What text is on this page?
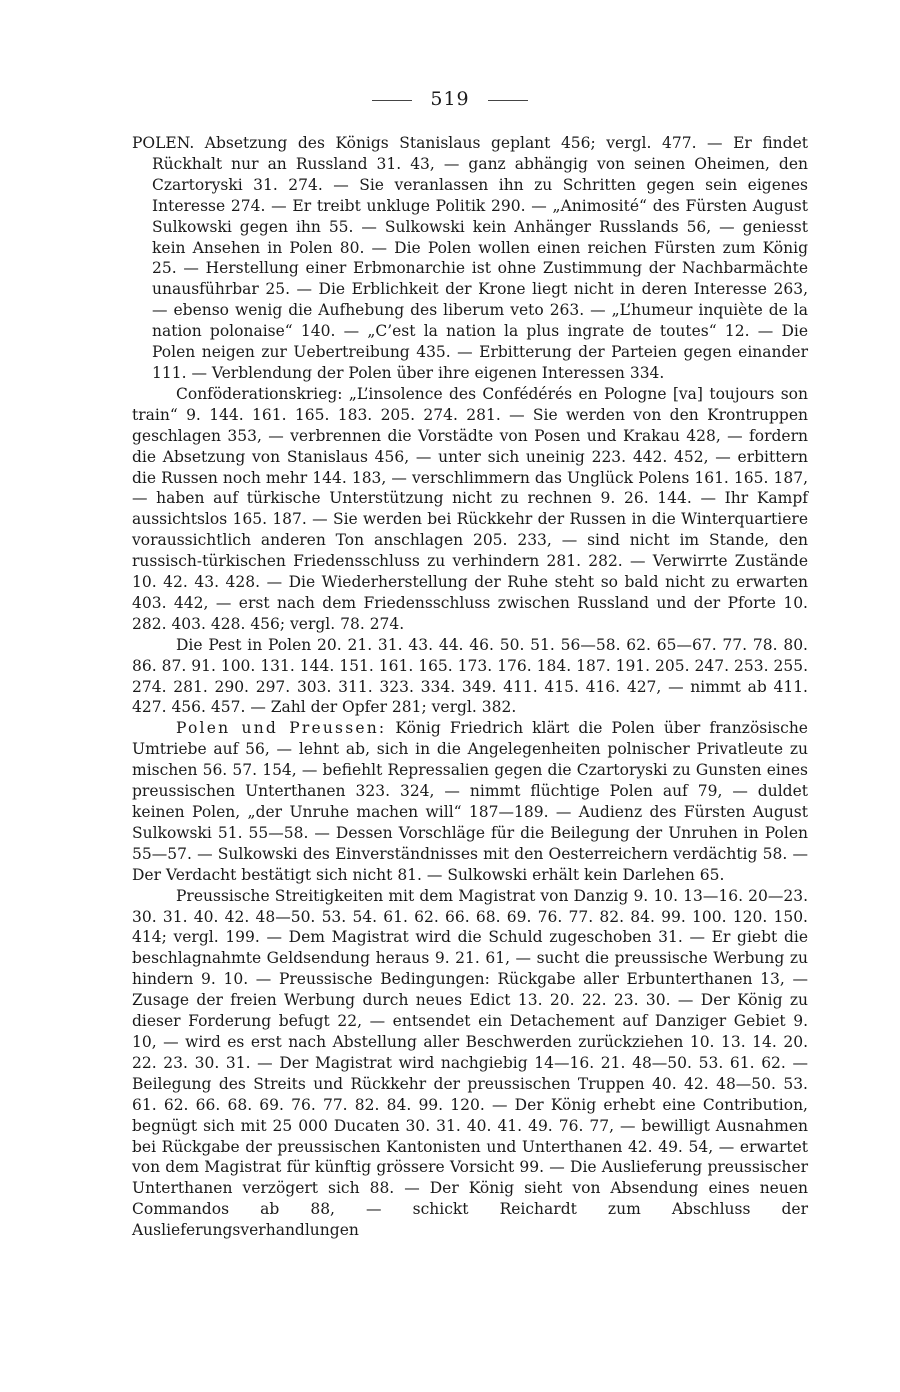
519

POLEN. Absetzung des Königs Stanislaus geplant 456; vergl. 477. — Er findet Rückhalt nur an Russland 31. 43, — ganz abhängig von seinen Oheimen, den Czartoryski 31. 274. — Sie veranlassen ihn zu Schritten gegen sein eigenes Interesse 274. — Er treibt unkluge Politik 290. — „Animosité“ des Fürsten August Sulkowski gegen ihn 55. — Sulkowski kein Anhänger Russlands 56, — geniesst kein Ansehen in Polen 80. — Die Polen wollen einen reichen Fürsten zum König 25. — Herstellung einer Erbmonarchie ist ohne Zustimmung der Nachbarmächte unausführbar 25. — Die Erblichkeit der Krone liegt nicht in deren Interesse 263, — ebenso wenig die Aufhebung des liberum veto 263. — „L’humeur inquiète de la nation polonaise“ 140. — „C’est la nation la plus ingrate de toutes“ 12. — Die Polen neigen zur Uebertreibung 435. — Erbitterung der Parteien gegen einander 111. — Verblendung der Polen über ihre eigenen Interessen 334.

Conföderationskrieg: „L’insolence des Confédérés en Pologne [va] toujours son train“ 9. 144. 161. 165. 183. 205. 274. 281. — Sie werden von den Krontruppen geschlagen 353, — verbrennen die Vorstädte von Posen und Krakau 428, — fordern die Absetzung von Stanislaus 456, — unter sich uneinig 223. 442. 452, — erbittern die Russen noch mehr 144. 183, — verschlimmern das Unglück Polens 161. 165. 187, — haben auf türkische Unterstützung nicht zu rechnen 9. 26. 144. — Ihr Kampf aussichtslos 165. 187. — Sie werden bei Rückkehr der Russen in die Winterquartiere voraussichtlich anderen Ton anschlagen 205. 233, — sind nicht im Stande, den russisch-türkischen Friedensschluss zu verhindern 281. 282. — Verwirrte Zustände 10. 42. 43. 428. — Die Wiederherstellung der Ruhe steht so bald nicht zu erwarten 403. 442, — erst nach dem Friedensschluss zwischen Russland und der Pforte 10. 282. 403. 428. 456; vergl. 78. 274.

Die Pest in Polen 20. 21. 31. 43. 44. 46. 50. 51. 56—58. 62. 65—67. 77. 78. 80. 86. 87. 91. 100. 131. 144. 151. 161. 165. 173. 176. 184. 187. 191. 205. 247. 253. 255. 274. 281. 290. 297. 303. 311. 323. 334. 349. 411. 415. 416. 427, — nimmt ab 411. 427. 456. 457. — Zahl der Opfer 281; vergl. 382.

Polen und Preussen: König Friedrich klärt die Polen über französische Umtriebe auf 56, — lehnt ab, sich in die Angelegenheiten polnischer Privatleute zu mischen 56. 57. 154, — befiehlt Repressalien gegen die Czartoryski zu Gunsten eines preussischen Unterthanen 323. 324, — nimmt flüchtige Polen auf 79, — duldet keinen Polen, „der Unruhe machen will“ 187—189. — Audienz des Fürsten August Sulkowski 51. 55—58. — Dessen Vorschläge für die Beilegung der Unruhen in Polen 55—57. — Sulkowski des Einverständnisses mit den Oesterreichern verdächtig 58. — Der Verdacht bestätigt sich nicht 81. — Sulkowski erhält kein Darlehen 65.

Preussische Streitigkeiten mit dem Magistrat von Danzig 9. 10. 13—16. 20—23. 30. 31. 40. 42. 48—50. 53. 54. 61. 62. 66. 68. 69. 76. 77. 82. 84. 99. 100. 120. 150. 414; vergl. 199. — Dem Magistrat wird die Schuld zugeschoben 31. — Er giebt die beschlagnahmte Geldsendung heraus 9. 21. 61, — sucht die preussische Werbung zu hindern 9. 10. — Preussische Bedingungen: Rückgabe aller Erbunterthanen 13, — Zusage der freien Werbung durch neues Edict 13. 20. 22. 23. 30. — Der König zu dieser Forderung befugt 22, — entsendet ein Detachement auf Danziger Gebiet 9. 10, — wird es erst nach Abstellung aller Beschwerden zurückziehen 10. 13. 14. 20. 22. 23. 30. 31. — Der Magistrat wird nachgiebig 14—16. 21. 48—50. 53. 61. 62. — Beilegung des Streits und Rückkehr der preussischen Truppen 40. 42. 48—50. 53. 61. 62. 66. 68. 69. 76. 77. 82. 84. 99. 120. — Der König erhebt eine Contribution, begnügt sich mit 25 000 Ducaten 30. 31. 40. 41. 49. 76. 77, — bewilligt Ausnahmen bei Rückgabe der preussischen Kantonisten und Unterthanen 42. 49. 54, — erwartet von dem Magistrat für künftig grössere Vorsicht 99. — Die Auslieferung preussischer Unterthanen verzögert sich 88. — Der König sieht von Absendung eines neuen Commandos ab 88, — schickt Reichardt zum Abschluss der Auslieferungsverhandlungen
